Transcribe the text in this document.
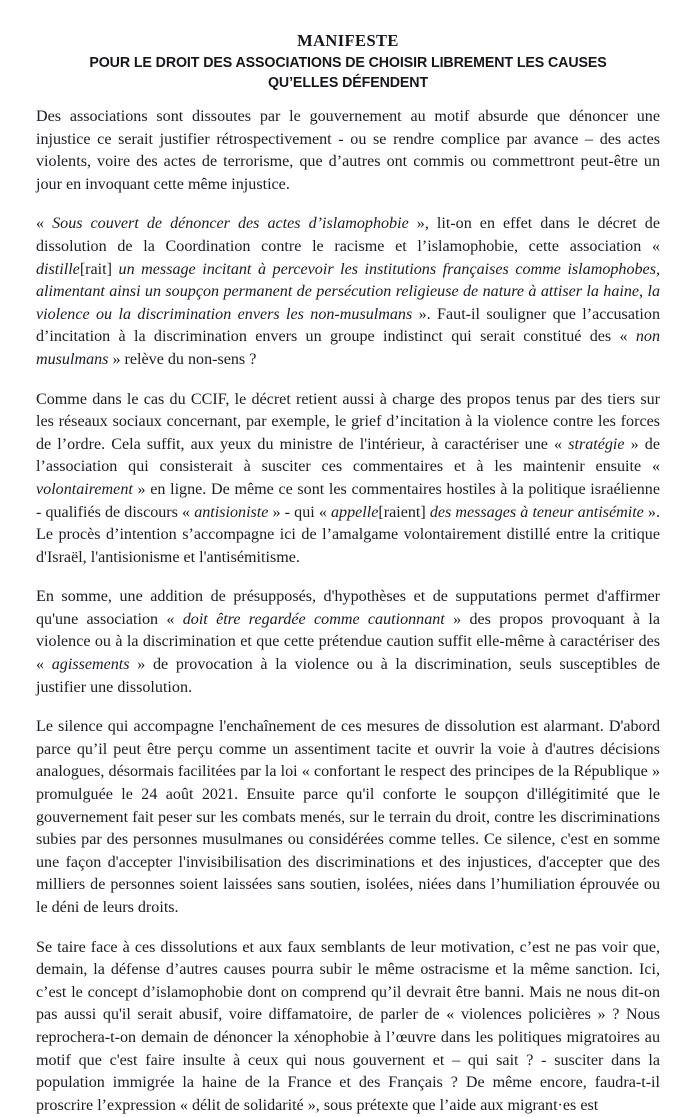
MANIFESTE
POUR LE DROIT DES ASSOCIATIONS DE CHOISIR LIBREMENT LES CAUSES QU’ELLES DÉFENDENT

Des associations sont dissoutes par le gouvernement au motif absurde que dénoncer une injustice ce serait justifier rétrospectivement - ou se rendre complice par avance – des actes violents, voire des actes de terrorisme, que d’autres ont commis ou commettront peut-être un jour en invoquant cette même injustice.

« Sous couvert de dénoncer des actes d’islamophobie », lit-on en effet dans le décret de dissolution de la Coordination contre le racisme et l’islamophobie, cette association « distille[rait] un message incitant à percevoir les institutions françaises comme islamophobes, alimentant ainsi un soupçon permanent de persécution religieuse de nature à attiser la haine, la violence ou la discrimination envers les non-musulmans ». Faut-il souligner que l’accusation d’incitation à la discrimination envers un groupe indistinct qui serait constitué des « non musulmans » relève du non-sens ?

Comme dans le cas du CCIF, le décret retient aussi à charge des propos tenus par des tiers sur les réseaux sociaux concernant, par exemple, le grief d’incitation à la violence contre les forces de l’ordre. Cela suffit, aux yeux du ministre de l'intérieur, à caractériser une « stratégie » de l’association qui consisterait à susciter ces commentaires et à les maintenir ensuite « volontairement » en ligne. De même ce sont les commentaires hostiles à la politique israélienne - qualifiés de discours « antisioniste » - qui « appelle[raient] des messages à teneur antisémite ». Le procès d’intention s’accompagne ici de l’amalgame volontairement distillé entre la critique d'Israël, l'antisionisme et l'antisémitisme.

En somme, une addition de présupposés, d'hypothèses et de supputations permet d'affirmer qu'une association « doit être regardée comme cautionnant » des propos provoquant à la violence ou à la discrimination et que cette prétendue caution suffit elle-même à caractériser des « agissements » de provocation à la violence ou à la discrimination, seuls susceptibles de justifier une dissolution.

Le silence qui accompagne l'enchaînement de ces mesures de dissolution est alarmant. D'abord parce qu’il peut être perçu comme un assentiment tacite et ouvrir la voie à d'autres décisions analogues, désormais facilitées par la loi « confortant le respect des principes de la République » promulguée le 24 août 2021. Ensuite parce qu'il conforte le soupçon d'illégitimité que le gouvernement fait peser sur les combats menés, sur le terrain du droit, contre les discriminations subies par des personnes musulmanes ou considérées comme telles. Ce silence, c'est en somme une façon d'accepter l'invisibilisation des discriminations et des injustices, d'accepter que des milliers de personnes soient laissées sans soutien, isolées, niées dans l’humiliation éprouvée ou le déni de leurs droits.

Se taire face à ces dissolutions et aux faux semblants de leur motivation, c’est ne pas voir que, demain, la défense d’autres causes pourra subir le même ostracisme et la même sanction. Ici, c’est le concept d’islamophobie dont on comprend qu’il devrait être banni. Mais ne nous dit-on pas aussi qu'il serait abusif, voire diffamatoire, de parler de « violences policières » ? Nous reprochera-t-on demain de dénoncer la xénophobie à l’œuvre dans les politiques migratoires au motif que c'est faire insulte à ceux qui nous gouvernent et – qui sait ? - susciter dans la population immigrée la haine de la France et des Français ? De même encore, faudra-t-il proscrire l’expression « délit de solidarité », sous prétexte que l’aide aux migrant·es est
